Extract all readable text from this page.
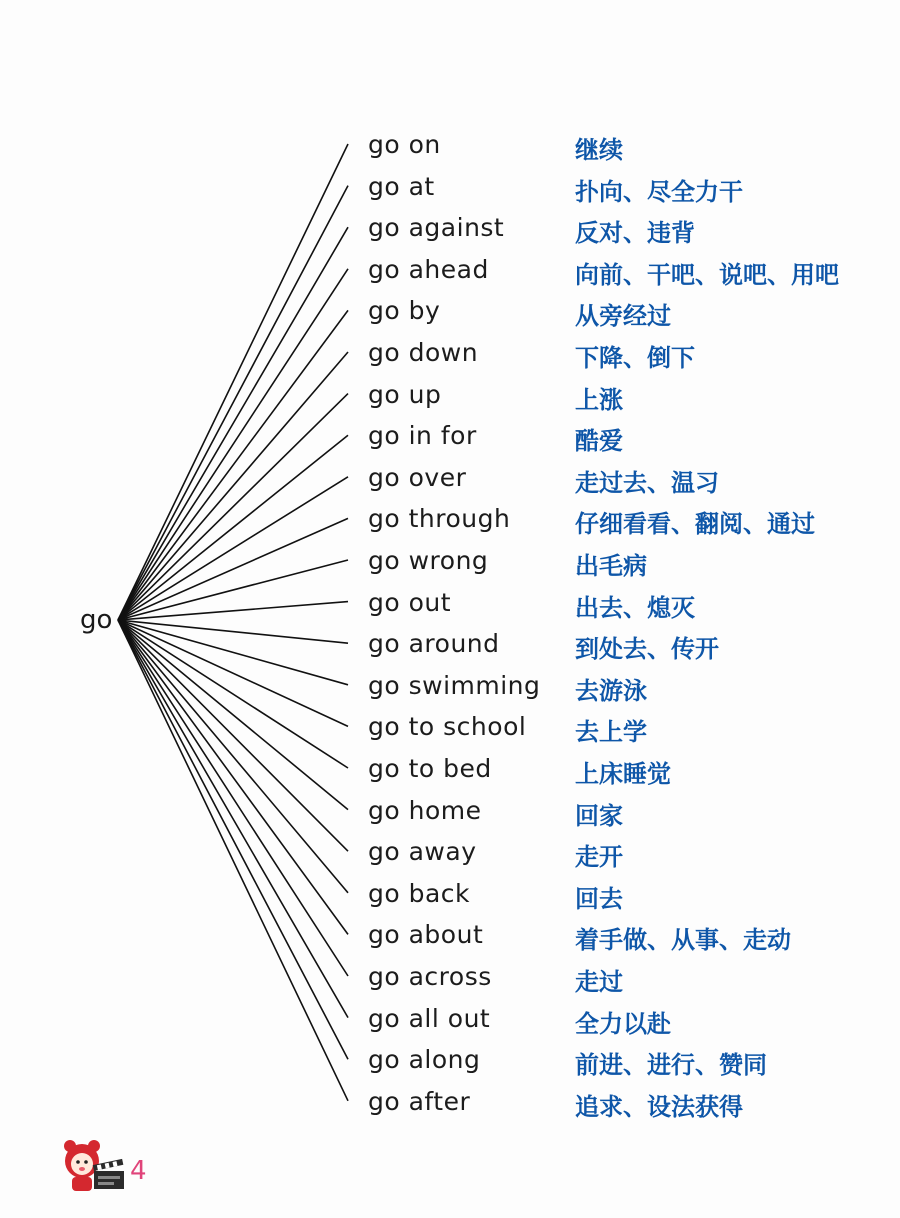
go
go on	继续
go at	扑向、尽全力干
go against	反对、违背
go ahead	向前、干吧、说吧、用吧
go by	从旁经过
go down	下降、倒下
go up	上涨
go in for	酷爱
go over	走过去、温习
go through	仔细看看、翻阅、通过
go wrong	出毛病
go out	出去、熄灭
go around	到处去、传开
go swimming 去游泳
go to school 去上学
go to bed	上床睡觉
go home	回家
go away	走开
go back	回去
go about	着手做、从事、走动
go across	走过
go all out	全力以赴
go along	前进、进行、赞同
go after	追求、设法获得
4
